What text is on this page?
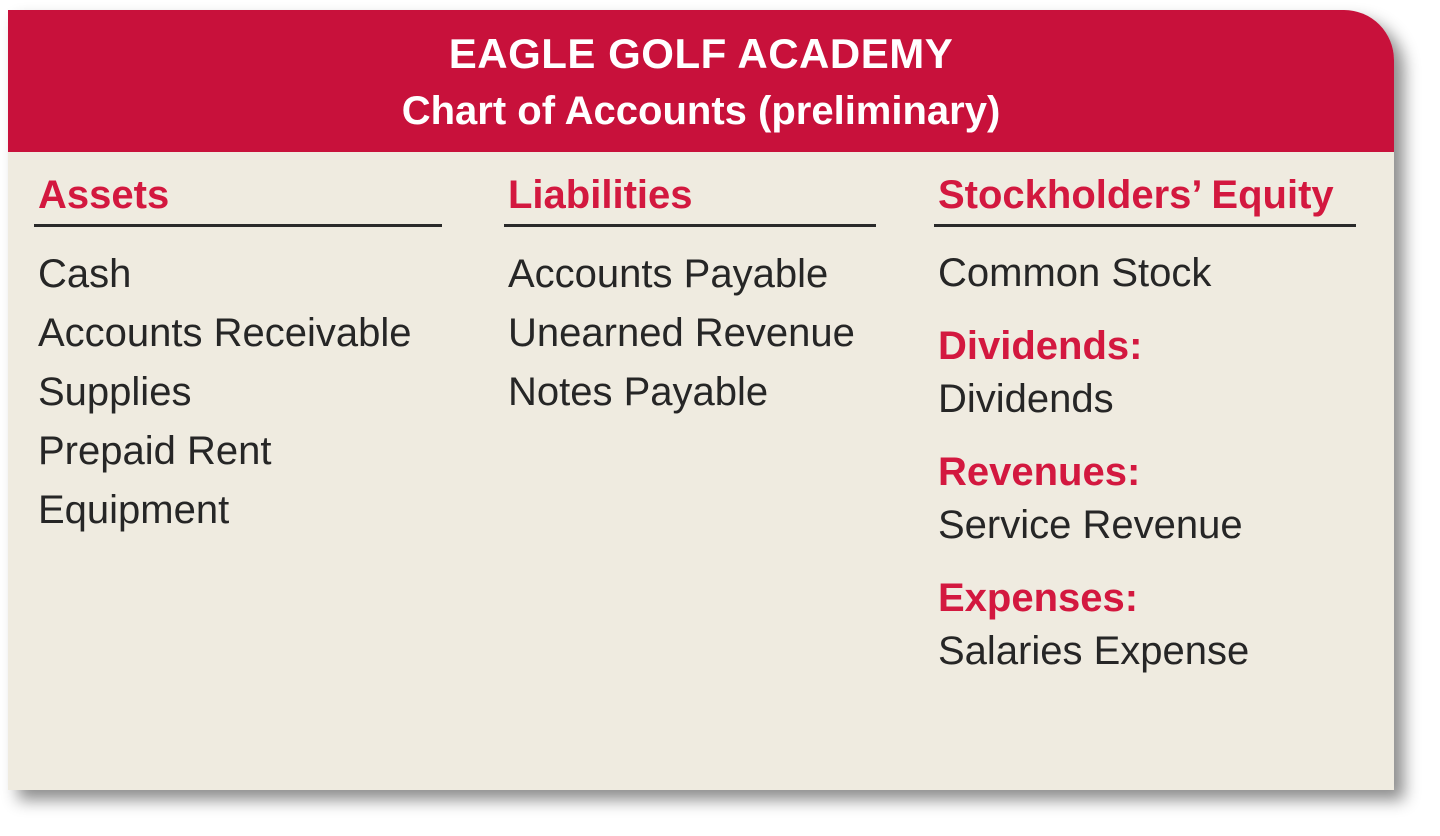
EAGLE GOLF ACADEMY
Chart of Accounts (preliminary)
Assets
Cash
Accounts Receivable
Supplies
Prepaid Rent
Equipment
Liabilities
Accounts Payable
Unearned Revenue
Notes Payable
Stockholders’ Equity
Common Stock
Dividends:
Dividends
Revenues:
Service Revenue
Expenses:
Salaries Expense
